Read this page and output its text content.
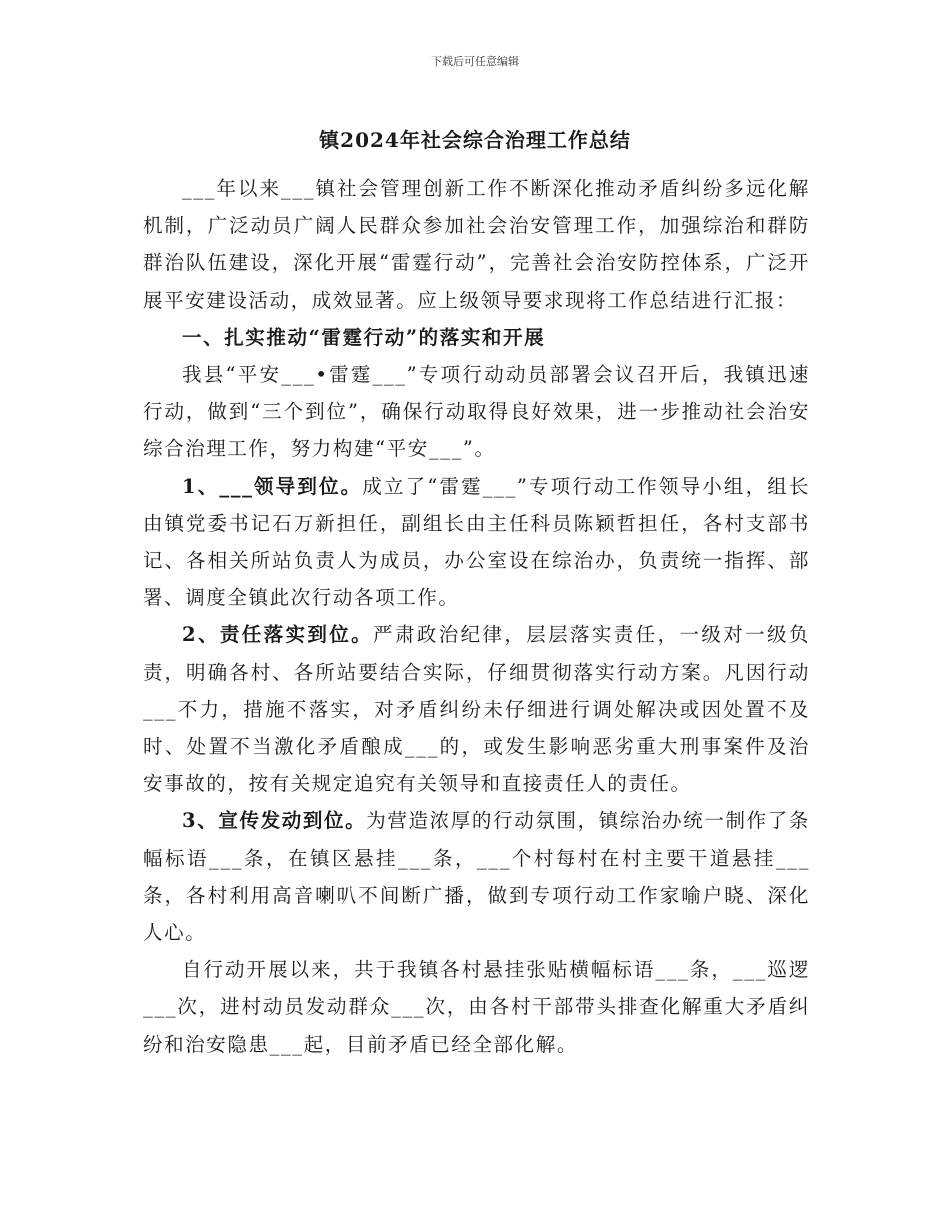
下载后可任意编辑
镇2024年社会综合治理工作总结

___年以来___镇社会管理创新工作不断深化推动矛盾纠纷多远化解机制，广泛动员广阔人民群众参加社会治安管理工作，加强综治和群防群治队伍建设，深化开展“雷霆行动”，完善社会治安防控体系，广泛开展平安建设活动，成效显著。应上级领导要求现将工作总结进行汇报：

一、扎实推动“雷霆行动”的落实和开展

我县“平安___•雷霆___”专项行动动员部署会议召开后，我镇迅速行动，做到“三个到位”，确保行动取得良好效果，进一步推动社会治安综合治理工作，努力构建“平安___”。

1、___领导到位。成立了“雷霆___”专项行动工作领导小组，组长由镇党委书记石万新担任，副组长由主任科员陈颖哲担任，各村支部书记、各相关所站负责人为成员，办公室设在综治办，负责统一指挥、部署、调度全镇此次行动各项工作。

2、责任落实到位。严肃政治纪律，层层落实责任，一级对一级负责，明确各村、各所站要结合实际，仔细贯彻落实行动方案。凡因行动___不力，措施不落实，对矛盾纠纷未仔细进行调处解决或因处置不及时、处置不当激化矛盾酿成___的，或发生影响恶劣重大刑事案件及治安事故的，按有关规定追究有关领导和直接责任人的责任。

3、宣传发动到位。为营造浓厚的行动氛围，镇综治办统一制作了条幅标语___条，在镇区悬挂___条，___个村每村在村主要干道悬挂___条，各村利用高音喇叭不间断广播，做到专项行动工作家喻户晓、深化人心。

自行动开展以来，共于我镇各村悬挂张贴横幅标语___条，___巡逻___次，进村动员发动群众___次，由各村干部带头排查化解重大矛盾纠纷和治安隐患___起，目前矛盾已经全部化解。
